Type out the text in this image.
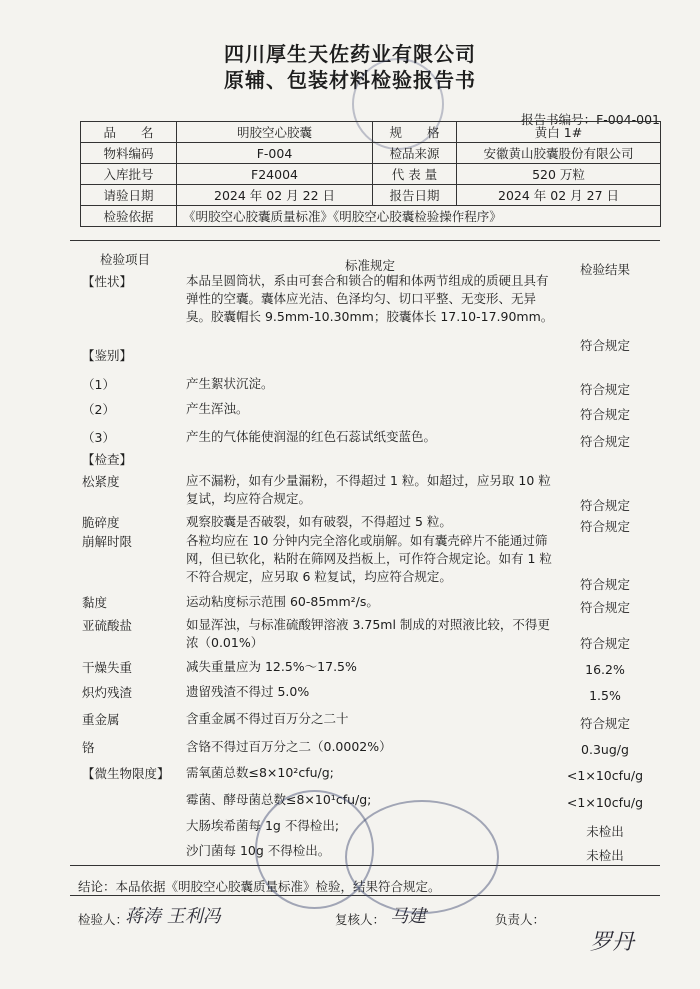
四川厚生天佐药业有限公司
原辅、包装材料检验报告书
报告书编号：F-004-001
品　　名	明胶空心胶囊	规　　格	黄白 1#
物料编码	F-004	检品来源	安徽黄山胶囊股份有限公司
入库批号	F24004	代 表 量	520 万粒
请验日期	2024 年 02 月 22 日	报告日期	2024 年 02 月 27 日
检验依据	《明胶空心胶囊质量标准》《明胶空心胶囊检验操作程序》		
检验项目	标准规定	检验结果
【性状】	本品呈圆筒状，系由可套合和锁合的帽和体两节组成的质硬且具有弹性的空囊。囊体应光洁、色泽均匀、切口平整、无变形、无异臭。胶囊帽长 9.5mm-10.30mm；胶囊体长 17.10-17.90mm。
符合规定
【鉴别】
（1）	产生絮状沉淀。	符合规定
（2）	产生浑浊。	符合规定
（3）	产生的气体能使润湿的红色石蕊试纸变蓝色。	符合规定
【检查】
松紧度	应不漏粉，如有少量漏粉，不得超过 1 粒。如超过，应另取 10 粒复试，均应符合规定。	符合规定
脆碎度	观察胶囊是否破裂，如有破裂，不得超过 5 粒。	符合规定
崩解时限	各粒均应在 10 分钟内完全溶化或崩解。如有囊壳碎片不能通过筛网，但已软化，粘附在筛网及挡板上，可作符合规定论。如有 1 粒不符合规定，应另取 6 粒复试，均应符合规定。
符合规定
黏度	运动粘度标示范围 60-85mm²/s。	符合规定
亚硫酸盐	如显浑浊，与标准硫酸钾溶液 3.75ml 制成的对照液比较，不得更浓（0.01%）	符合规定
干燥失重	减失重量应为 12.5%～17.5%	16.2%
炽灼残渣	遗留残渣不得过 5.0%	1.5%
重金属	含重金属不得过百万分之二十	符合规定
铬	含铬不得过百万分之二（0.0002%）	0.3ug/g
【微生物限度】 需氧菌总数≤8×10²cfu/g;	<1×10cfu/g
霉菌、酵母菌总数≤8×10¹cfu/g;	<1×10cfu/g
大肠埃希菌每 1g 不得检出;	未检出
沙门菌每 10g 不得检出。	未检出
结论：本品依据《明胶空心胶囊质量标准》检验，结果符合规定。
检验人：
蒋涛 王利冯	复核人： 马建	负责人：
罗丹
